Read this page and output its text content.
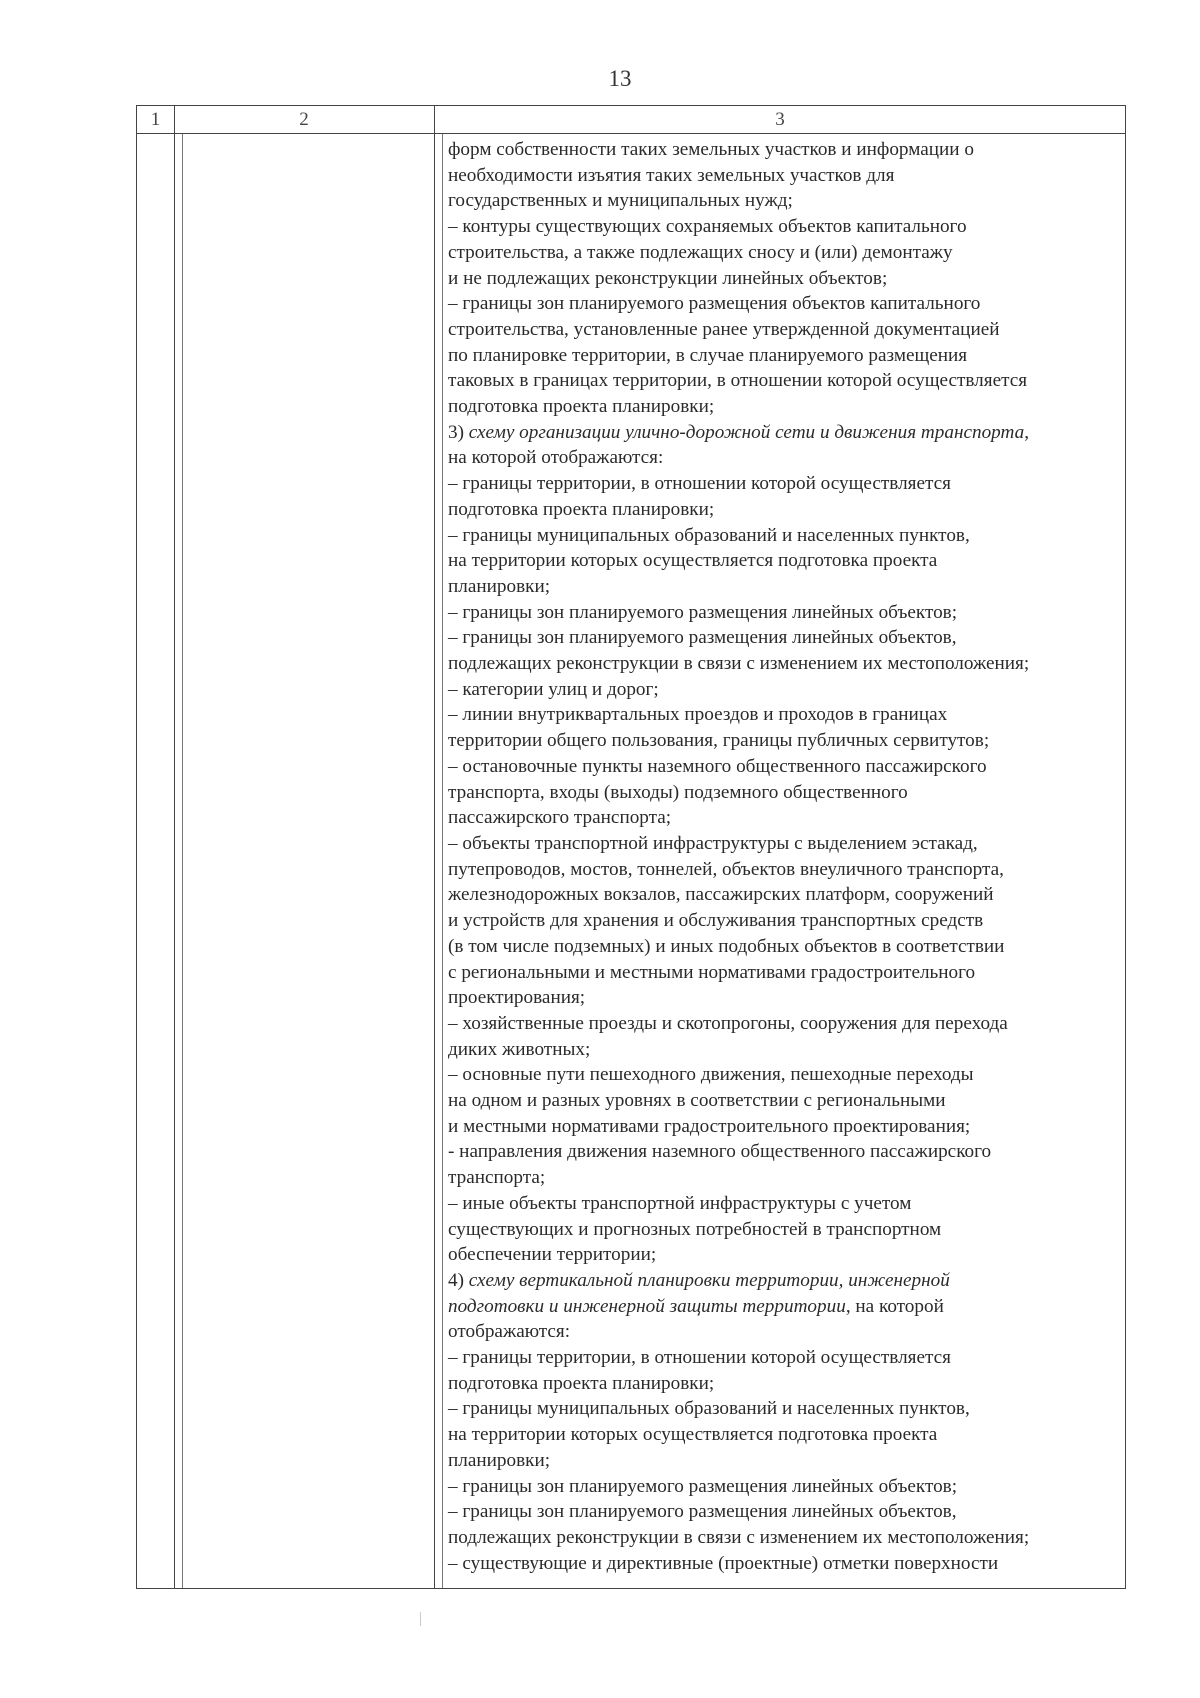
13
1	2	3
форм собственности таких земельных участков и информации о
необходимости изъятия таких земельных участков для
государственных и муниципальных нужд;
– контуры существующих сохраняемых объектов капитального
строительства, а также подлежащих сносу и (или) демонтажу
и не подлежащих реконструкции линейных объектов;
– границы зон планируемого размещения объектов капитального
строительства, установленные ранее утвержденной документацией
по планировке территории, в случае планируемого размещения
таковых в границах территории, в отношении которой осуществляется
подготовка проекта планировки;
3) схему организации улично-дорожной сети и движения транспорта,
на которой отображаются:
– границы территории, в отношении которой осуществляется
подготовка проекта планировки;
– границы муниципальных образований и населенных пунктов,
на территории которых осуществляется подготовка проекта
планировки;
– границы зон планируемого размещения линейных объектов;
– границы зон планируемого размещения линейных объектов,
подлежащих реконструкции в связи с изменением их местоположения;
– категории улиц и дорог;
– линии внутриквартальных проездов и проходов в границах
территории общего пользования, границы публичных сервитутов;
– остановочные пункты наземного общественного пассажирского
транспорта, входы (выходы) подземного общественного
пассажирского транспорта;
– объекты транспортной инфраструктуры с выделением эстакад,
путепроводов, мостов, тоннелей, объектов внеуличного транспорта,
железнодорожных вокзалов, пассажирских платформ, сооружений
и устройств для хранения и обслуживания транспортных средств
(в том числе подземных) и иных подобных объектов в соответствии
с региональными и местными нормативами градостроительного
проектирования;
– хозяйственные проезды и скотопрогоны, сооружения для перехода
диких животных;
– основные пути пешеходного движения, пешеходные переходы
на одном и разных уровнях в соответствии с региональными
и местными нормативами градостроительного проектирования;
- направления движения наземного общественного пассажирского
транспорта;
– иные объекты транспортной инфраструктуры с учетом
существующих и прогнозных потребностей в транспортном
обеспечении территории;
4) схему вертикальной планировки территории, инженерной
подготовки и инженерной защиты территории, на которой
отображаются:
– границы территории, в отношении которой осуществляется
подготовка проекта планировки;
– границы муниципальных образований и населенных пунктов,
на территории которых осуществляется подготовка проекта
планировки;
– границы зон планируемого размещения линейных объектов;
– границы зон планируемого размещения линейных объектов,
подлежащих реконструкции в связи с изменением их местоположения;
– существующие и директивные (проектные) отметки поверхности
